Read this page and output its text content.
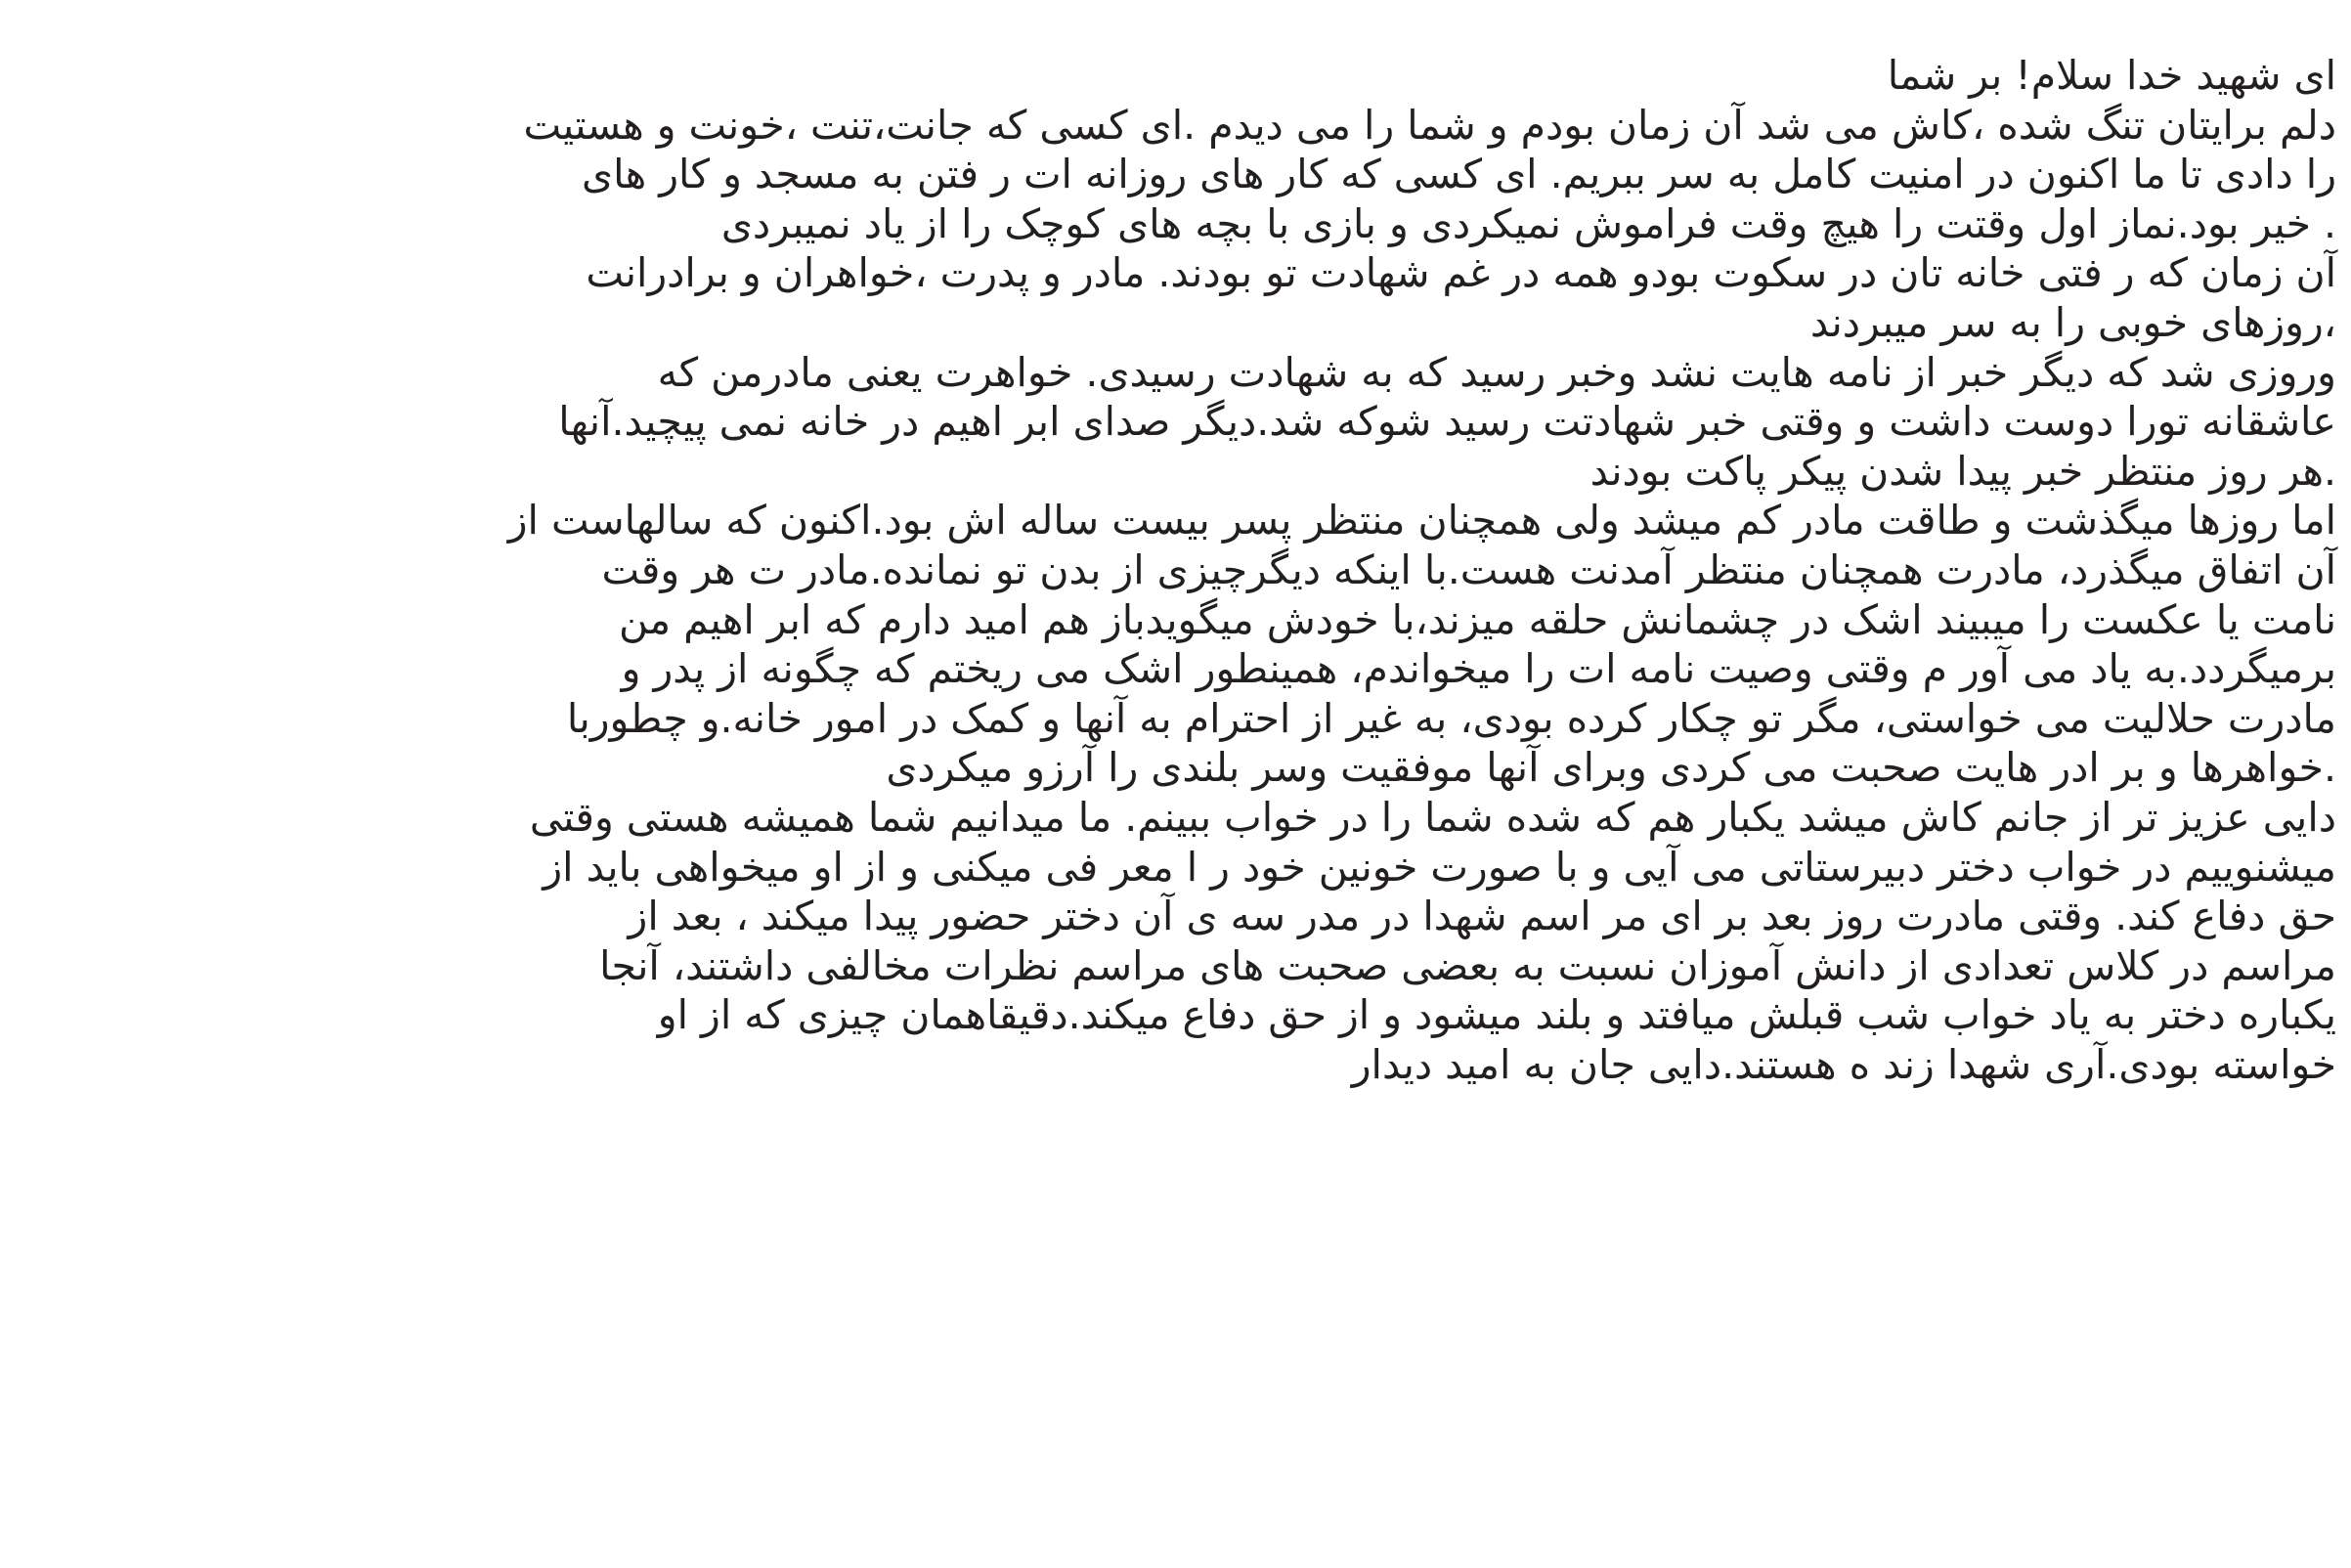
ای شهید خدا سلام! بر شما
دلم برایتان تنگ شده ،کاش می شد آن زمان بودم و شما را می دیدم .ای کسی که جانت،تنت ،خونت و هستیت
را دادی تا ما اکنون در امنیت کامل به سر ببریم. ای کسی که کار های روزانه ات ر فتن به مسجد و کار های
. خیر بود.نماز اول وقتت را هیچ وقت فراموش نمیکردی و بازی با بچه های کوچک را از یاد نمیبردی
آن زمان که ر فتی خانه تان در سکوت بودو همه در غم شهادت تو بودند. مادر و پدرت ،خواهران و برادرانت
،روزهای خوبی را به سر میبردند
وروزی شد که دیگر خبر از نامه هایت نشد وخبر رسید که به شهادت رسیدی. خواهرت یعنی مادرمن که
عاشقانه تورا دوست داشت و وقتی خبر شهادتت رسید شوکه شد.دیگر صدای ابر اهیم در خانه نمی پیچید.آنها
.هر روز منتظر خبر پیدا شدن پیکر پاکت بودند
اما روزها میگذشت و طاقت مادر کم میشد ولی همچنان منتظر پسر بیست ساله اش بود.اکنون که سالهاست از
آن اتفاق میگذرد، مادرت همچنان منتظر آمدنت هست.با اینکه دیگرچیزی از بدن تو نمانده.مادر ت هر وقت
نامت یا عکست را میبیند اشک در چشمانش حلقه میزند،با خودش میگویدباز هم امید دارم که ابر اهیم من
برمیگردد.به یاد می آور م وقتی وصیت نامه ات را میخواندم، همینطور اشک می ریختم که چگونه از پدر و
مادرت حلالیت می خواستی، مگر تو چکار کرده بودی، به غیر از احترام به آنها و کمک در امور خانه.و چطوربا
.خواهرها و بر ادر هایت صحبت می کردی وبرای آنها موفقیت وسر بلندی را آرزو میکردی
دایی عزیز تر از جانم کاش میشد یکبار هم که شده شما را در خواب ببینم. ما میدانیم شما همیشه هستی وقتی
میشنوییم در خواب دختر دبیرستاتی می آیی و با صورت خونین خود ر ا معر فی میکنی و از او میخواهی باید از
حق دفاع کند. وقتی مادرت روز بعد بر ای مر اسم شهدا در مدر سه ی آن دختر حضور پیدا میکند ، بعد از
مراسم در کلاس تعدادی از دانش آموزان نسبت به بعضی صحبت های مراسم نظرات مخالفی داشتند، آنجا
یکباره دختر به یاد خواب شب قبلش میافتد و بلند میشود و از حق دفاع میکند.دقیقاهمان چیزی که از او
خواسته بودی.آری شهدا زند ه هستند.دایی جان به امید دیدار
